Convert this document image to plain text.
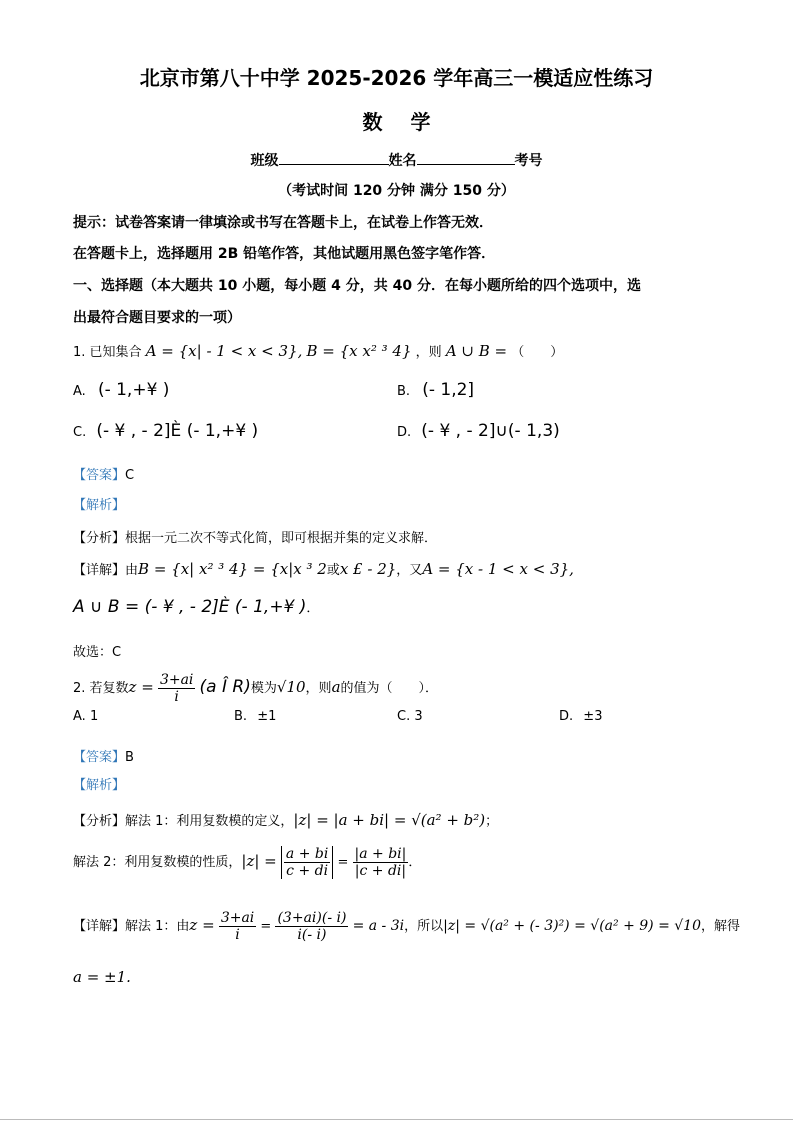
北京市第八十中学 2025-2026 学年高三一模适应性练习
数学
班级	姓名	考号
（考试时间 120 分钟 满分 150 分）
提示：试卷答案请一律填涂或书写在答题卡上，在试卷上作答无效．
在答题卡上，选择题用 2B 铅笔作答，其他试题用黑色签字笔作答．
一、选择题（本大题共 10 小题，每小题 4 分，共 40 分．在每小题所给的四个选项中，选
出最符合题目要求的一项）
1. 已知集合 A = {x| - 1 < x < 3}, B = {x x² ³ 4} ，则 A ∪ B = （　　）
A. (- 1,+¥ )	B. (- 1,2]
C. (- ¥ , - 2]È (- 1,+¥ )	D. (- ¥ , - 2]∪(- 1,3)
【答案】C
【解析】
【分析】根据一元二次不等式化简，即可根据并集的定义求解．
【详解】由B = {x| x² ³ 4} = {x|x ³ 2或x £ - 2}，又A = {x - 1 < x < 3},
A ∪ B = (- ¥ , - 2]È (- 1,+¥ )．
故选：C
2. 若复数$z = \frac{3+ai}{i} (a$ Î R)模为√10，则a的值为（　　）．
A. 1	B. ±1	C. 3	D. ±3
【答案】B
【解析】
【分析】解法 1：利用复数模的定义，|z| = |a + bi| = √(a² + b²)；
解法 2：利用复数模的性质，$|z| = \frac{a + bi}{c + di} = \frac{|a + bi|}{|c + di|}$ ．
【详解】解法 1：由$z = \frac{3+ai}{i} = \frac{(3+ai)(- i)}{i(- i)} = a - 3i$，所以|z| = √(a² + (- 3)²) = √(a² + 9) = √10，解得
a = ±1.
